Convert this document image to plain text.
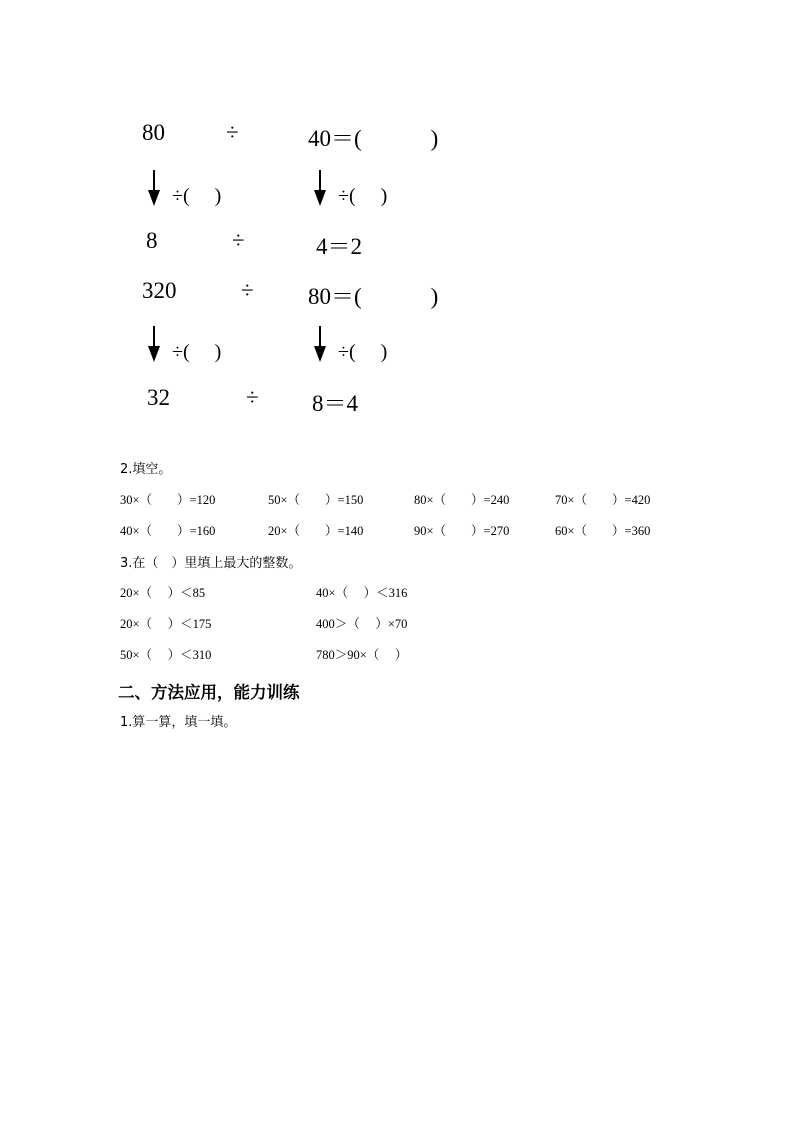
80	÷	40＝(　　　)
÷(　 )	÷(　 )
8	÷	4＝2
320	÷ 80＝(　　　)
÷(　 )	÷(　 )
32	÷ 8＝4
2.填空。
30×（　　）=120	50×（　　）=150	80×（　　）=240	70×（　　）=420
40×（　　）=160	20×（　　）=140	90×（　　）=270	60×（　　）=360
3.在（　）里填上最大的整数。
20×（　 ）＜85	40×（　 ）＜316
20×（　 ）＜175	400＞（　 ）×70
50×（　 ）＜310	780＞90×（　 ）
二、方法应用，能力训练
1.算一算，填一填。
